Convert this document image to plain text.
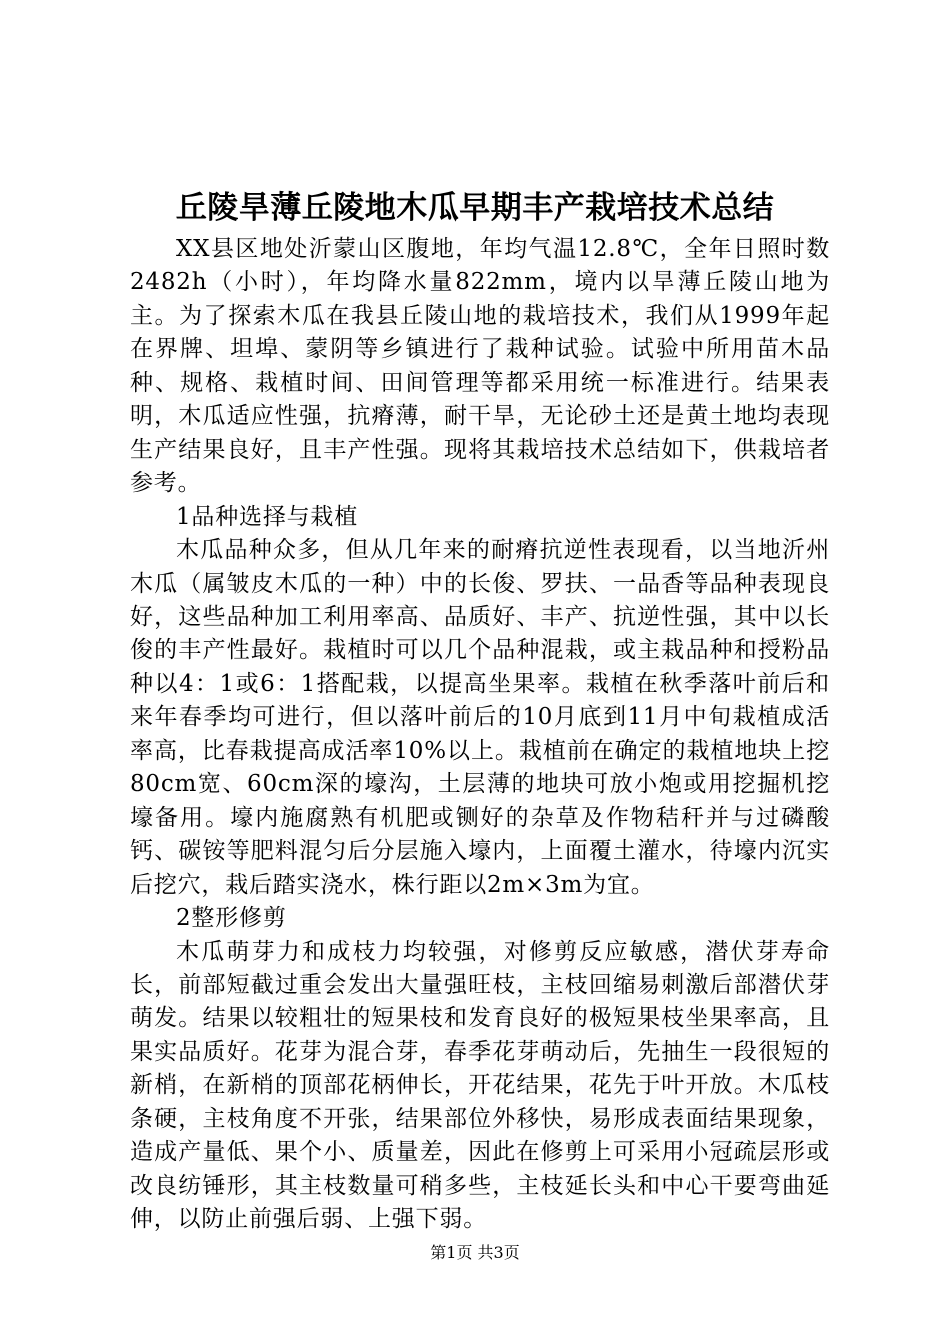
丘陵旱薄丘陵地木瓜早期丰产栽培技术总结

XX县区地处沂蒙山区腹地，年均气温12.8℃，全年日照时数2482h（小时），年均降水量822mm，境内以旱薄丘陵山地为主。为了探索木瓜在我县丘陵山地的栽培技术，我们从1999年起在界牌、坦埠、蒙阴等乡镇进行了栽种试验。试验中所用苗木品种、规格、栽植时间、田间管理等都采用统一标准进行。结果表明，木瓜适应性强，抗瘠薄，耐干旱，无论砂土还是黄土地均表现生产结果良好，且丰产性强。现将其栽培技术总结如下，供栽培者参考。

1品种选择与栽植

木瓜品种众多，但从几年来的耐瘠抗逆性表现看，以当地沂州木瓜（属皱皮木瓜的一种）中的长俊、罗扶、一品香等品种表现良好，这些品种加工利用率高、品质好、丰产、抗逆性强，其中以长俊的丰产性最好。栽植时可以几个品种混栽，或主栽品种和授粉品种以4：1或6：1搭配栽，以提高坐果率。栽植在秋季落叶前后和来年春季均可进行，但以落叶前后的10月底到11月中旬栽植成活率高，比春栽提高成活率10%以上。栽植前在确定的栽植地块上挖80cm宽、60cm深的壕沟，土层薄的地块可放小炮或用挖掘机挖壕备用。壕内施腐熟有机肥或铡好的杂草及作物秸秆并与过磷酸钙、碳铵等肥料混匀后分层施入壕内，上面覆土灌水，待壕内沉实后挖穴，栽后踏实浇水，株行距以2m×3m为宜。

2整形修剪

木瓜萌芽力和成枝力均较强，对修剪反应敏感，潜伏芽寿命长，前部短截过重会发出大量强旺枝，主枝回缩易刺激后部潜伏芽萌发。结果以较粗壮的短果枝和发育良好的极短果枝坐果率高，且果实品质好。花芽为混合芽，春季花芽萌动后，先抽生一段很短的新梢，在新梢的顶部花柄伸长，开花结果，花先于叶开放。木瓜枝条硬，主枝角度不开张，结果部位外移快，易形成表面结果现象，造成产量低、果个小、质量差，因此在修剪上可采用小冠疏层形或改良纺锤形，其主枝数量可稍多些，主枝延长头和中心干要弯曲延伸，以防止前强后弱、上强下弱。

第1页 共3页
